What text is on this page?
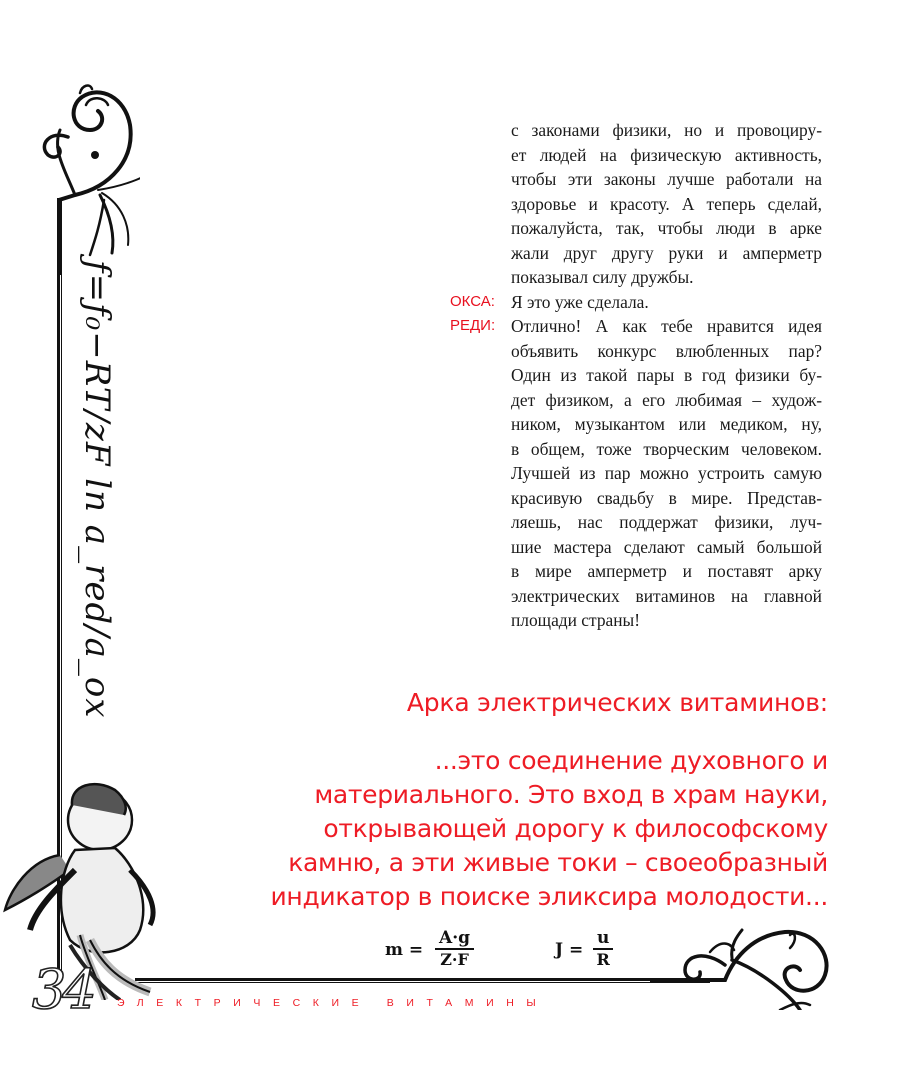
ƒ=ƒ₀−RT/zF ln a_red/a_ox
с законами физики, но и провоциру-
ет людей на физическую активность,
чтобы эти законы лучше работали на
здоровье и красоту. А теперь сделай,
пожалуйста, так, чтобы люди в арке
жали друг другу руки и амперметр
показывал силу дружбы.
ОКСА: Я это уже сделала.
РЕДИ: Отлично! А как тебе нравится идея
объявить конкурс влюбленных пар?
Один из такой пары в год физики бу-
дет физиком, а его любимая – худож-
ником, музыкантом или медиком, ну,
в общем, тоже творческим человеком.
Лучшей из пар можно устроить самую
красивую свадьбу в мире. Представ-
ляешь, нас поддержат физики, луч-
шие мастера сделают самый большой
в мире амперметр и поставят арку
электрических витаминов на главной
площади страны!
Арка электрических витаминов:
...это соединение духовного и
материального. Это вход в храм науки,
открывающей дорогу к философскому
камню, а эти живые токи – своеобразный
индикатор в поиске эликсира молодости...
$m = \frac{A\cdot g}{Z\cdot F}$	$J = \frac{u}{R}$
34 ЭЛЕКТРИЧЕСКИЕ ВИТАМИНЫ
